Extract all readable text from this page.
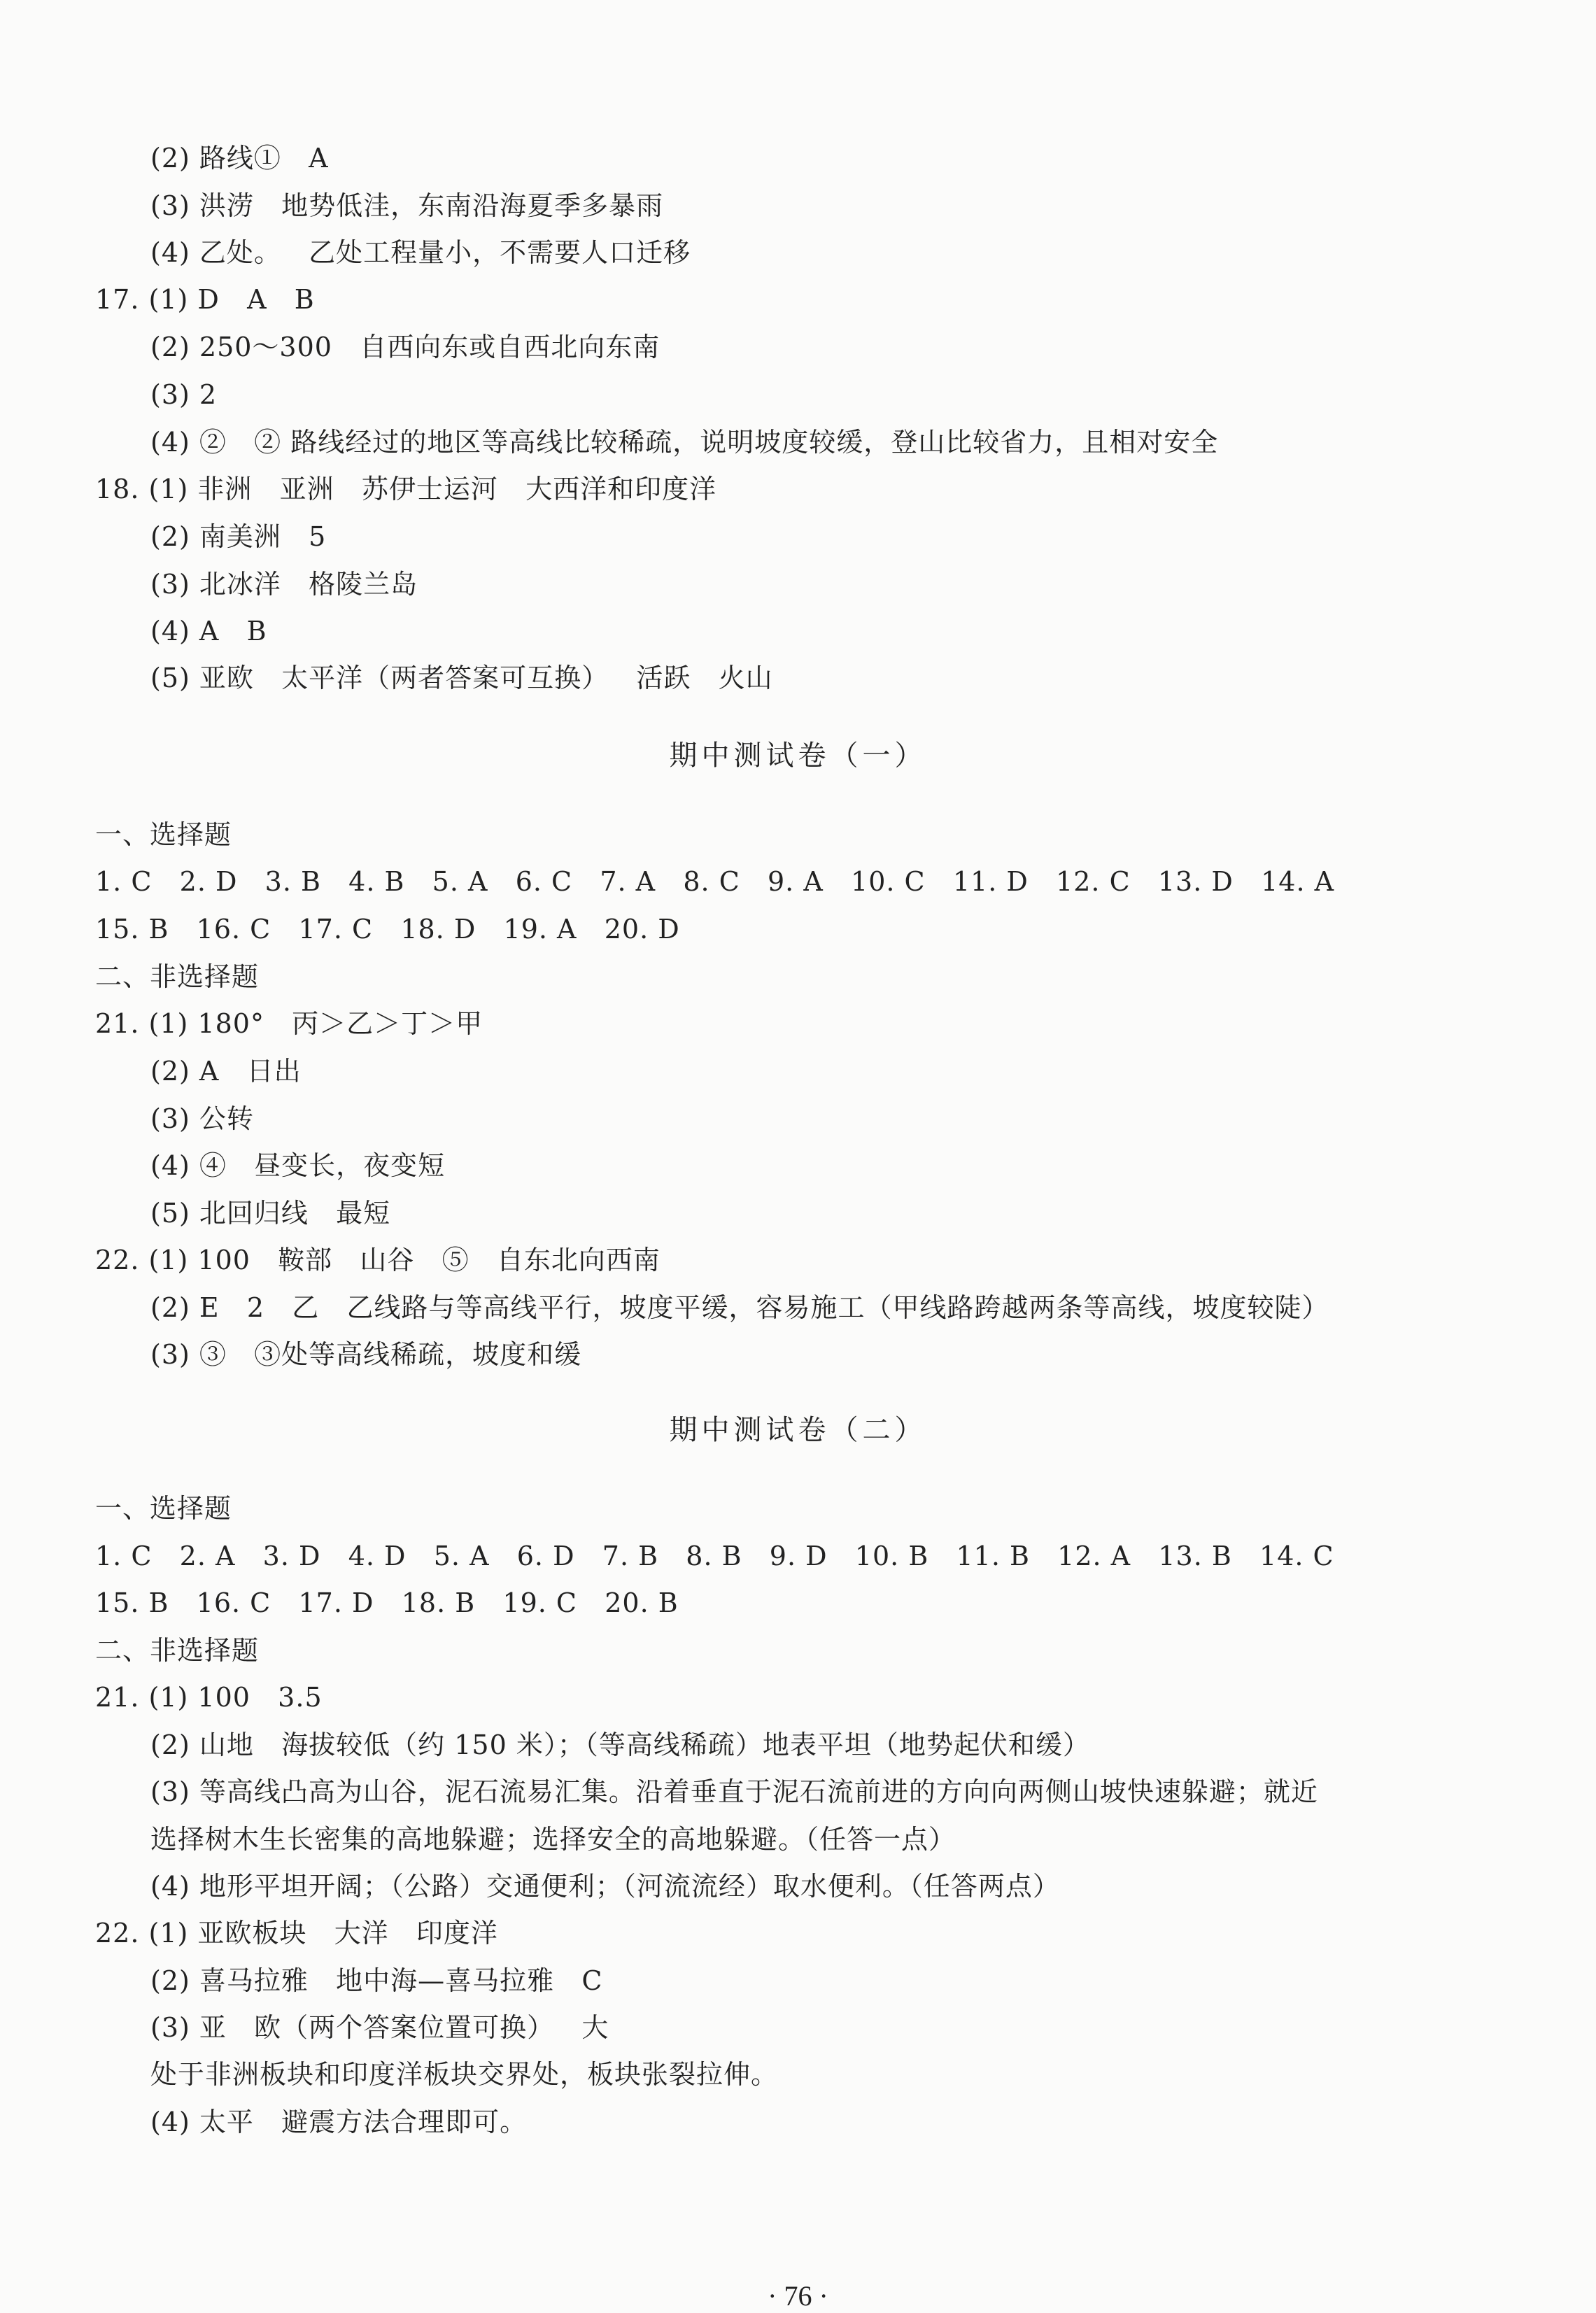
(2) 路线①   A
(3) 洪涝   地势低洼，东南沿海夏季多暴雨
(4) 乙处。   乙处工程量小，不需要人口迁移
17. (1) D   A   B
(2) 250～300   自西向东或自西北向东南
(3) 2
(4) ②   ② 路线经过的地区等高线比较稀疏，说明坡度较缓，登山比较省力，且相对安全
18. (1) 非洲   亚洲   苏伊士运河   大西洋和印度洋
(2) 南美洲   5
(3) 北冰洋   格陵兰岛
(4) A   B
(5) 亚欧   太平洋（两者答案可互换）   活跃   火山
期中测试卷（一）
一、选择题
1. C   2. D   3. B   4. B   5. A   6. C   7. A   8. C   9. A   10. C   11. D   12. C   13. D   14. A
15. B   16. C   17. C   18. D   19. A   20. D
二、非选择题
21. (1) 180°   丙＞乙＞丁＞甲
(2) A   日出
(3) 公转
(4) ④   昼变长，夜变短
(5) 北回归线   最短
22. (1) 100   鞍部   山谷   ⑤   自东北向西南
(2) E   2   乙   乙线路与等高线平行，坡度平缓，容易施工（甲线路跨越两条等高线，坡度较陡）
(3) ③   ③处等高线稀疏，坡度和缓
期中测试卷（二）
一、选择题
1. C   2. A   3. D   4. D   5. A   6. D   7. B   8. B   9. D   10. B   11. B   12. A   13. B   14. C
15. B   16. C   17. D   18. B   19. C   20. B
二、非选择题
21. (1) 100   3.5
(2) 山地   海拔较低（约 150 米）；（等高线稀疏）地表平坦（地势起伏和缓）
(3) 等高线凸高为山谷，泥石流易汇集。沿着垂直于泥石流前进的方向向两侧山坡快速躲避；就近
选择树木生长密集的高地躲避；选择安全的高地躲避。（任答一点）
(4) 地形平坦开阔；（公路）交通便利；（河流流经）取水便利。（任答两点）
22. (1) 亚欧板块   大洋   印度洋
(2) 喜马拉雅   地中海—喜马拉雅   C
(3) 亚   欧（两个答案位置可换）   大
处于非洲板块和印度洋板块交界处，板块张裂拉伸。
(4) 太平   避震方法合理即可。
· 76 ·
